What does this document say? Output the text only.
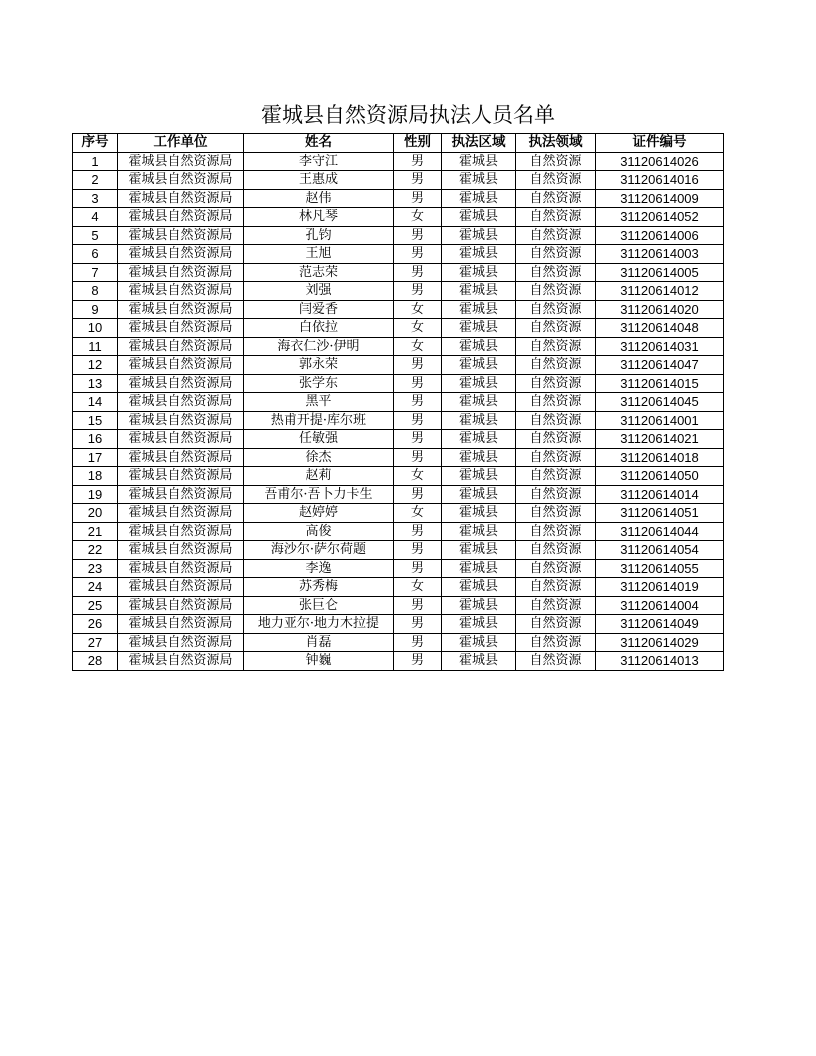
霍城县自然资源局执法人员名单
序号	工作单位	姓名	性别	执法区域	执法领域	证件编号
1	霍城县自然资源局	李守江	男	霍城县	自然资源	31120614026
2	霍城县自然资源局	王惠成	男	霍城县	自然资源	31120614016
3	霍城县自然资源局	赵伟	男	霍城县	自然资源	31120614009
4	霍城县自然资源局	林凡琴	女	霍城县	自然资源	31120614052
5	霍城县自然资源局	孔钧	男	霍城县	自然资源	31120614006
6	霍城县自然资源局	王旭	男	霍城县	自然资源	31120614003
7	霍城县自然资源局	范志荣	男	霍城县	自然资源	31120614005
8	霍城县自然资源局	刘强	男	霍城县	自然资源	31120614012
9	霍城县自然资源局	闫爱香	女	霍城县	自然资源	31120614020
10	霍城县自然资源局	白依拉	女	霍城县	自然资源	31120614048
11	霍城县自然资源局	海衣仁沙·伊明	女	霍城县	自然资源	31120614031
12	霍城县自然资源局	郭永荣	男	霍城县	自然资源	31120614047
13	霍城县自然资源局	张学东	男	霍城县	自然资源	31120614015
14	霍城县自然资源局	黑平	男	霍城县	自然资源	31120614045
15	霍城县自然资源局	热甫开提·库尔班	男	霍城县	自然资源	31120614001
16	霍城县自然资源局	任敏强	男	霍城县	自然资源	31120614021
17	霍城县自然资源局	徐杰	男	霍城县	自然资源	31120614018
18	霍城县自然资源局	赵莉	女	霍城县	自然资源	31120614050
19	霍城县自然资源局	吾甫尔·吾卜力卡生	男	霍城县	自然资源	31120614014
20	霍城县自然资源局	赵婷婷	女	霍城县	自然资源	31120614051
21	霍城县自然资源局	高俊	男	霍城县	自然资源	31120614044
22	霍城县自然资源局	海沙尔·萨尔荷题	男	霍城县	自然资源	31120614054
23	霍城县自然资源局	李逸	男	霍城县	自然资源	31120614055
24	霍城县自然资源局	苏秀梅	女	霍城县	自然资源	31120614019
25	霍城县自然资源局	张巨仑	男	霍城县	自然资源	31120614004
26	霍城县自然资源局	地力亚尔·地力木拉提	男	霍城县	自然资源	31120614049
27	霍城县自然资源局	肖磊	男	霍城县	自然资源	31120614029
28	霍城县自然资源局	钟巍	男	霍城县	自然资源	31120614013
